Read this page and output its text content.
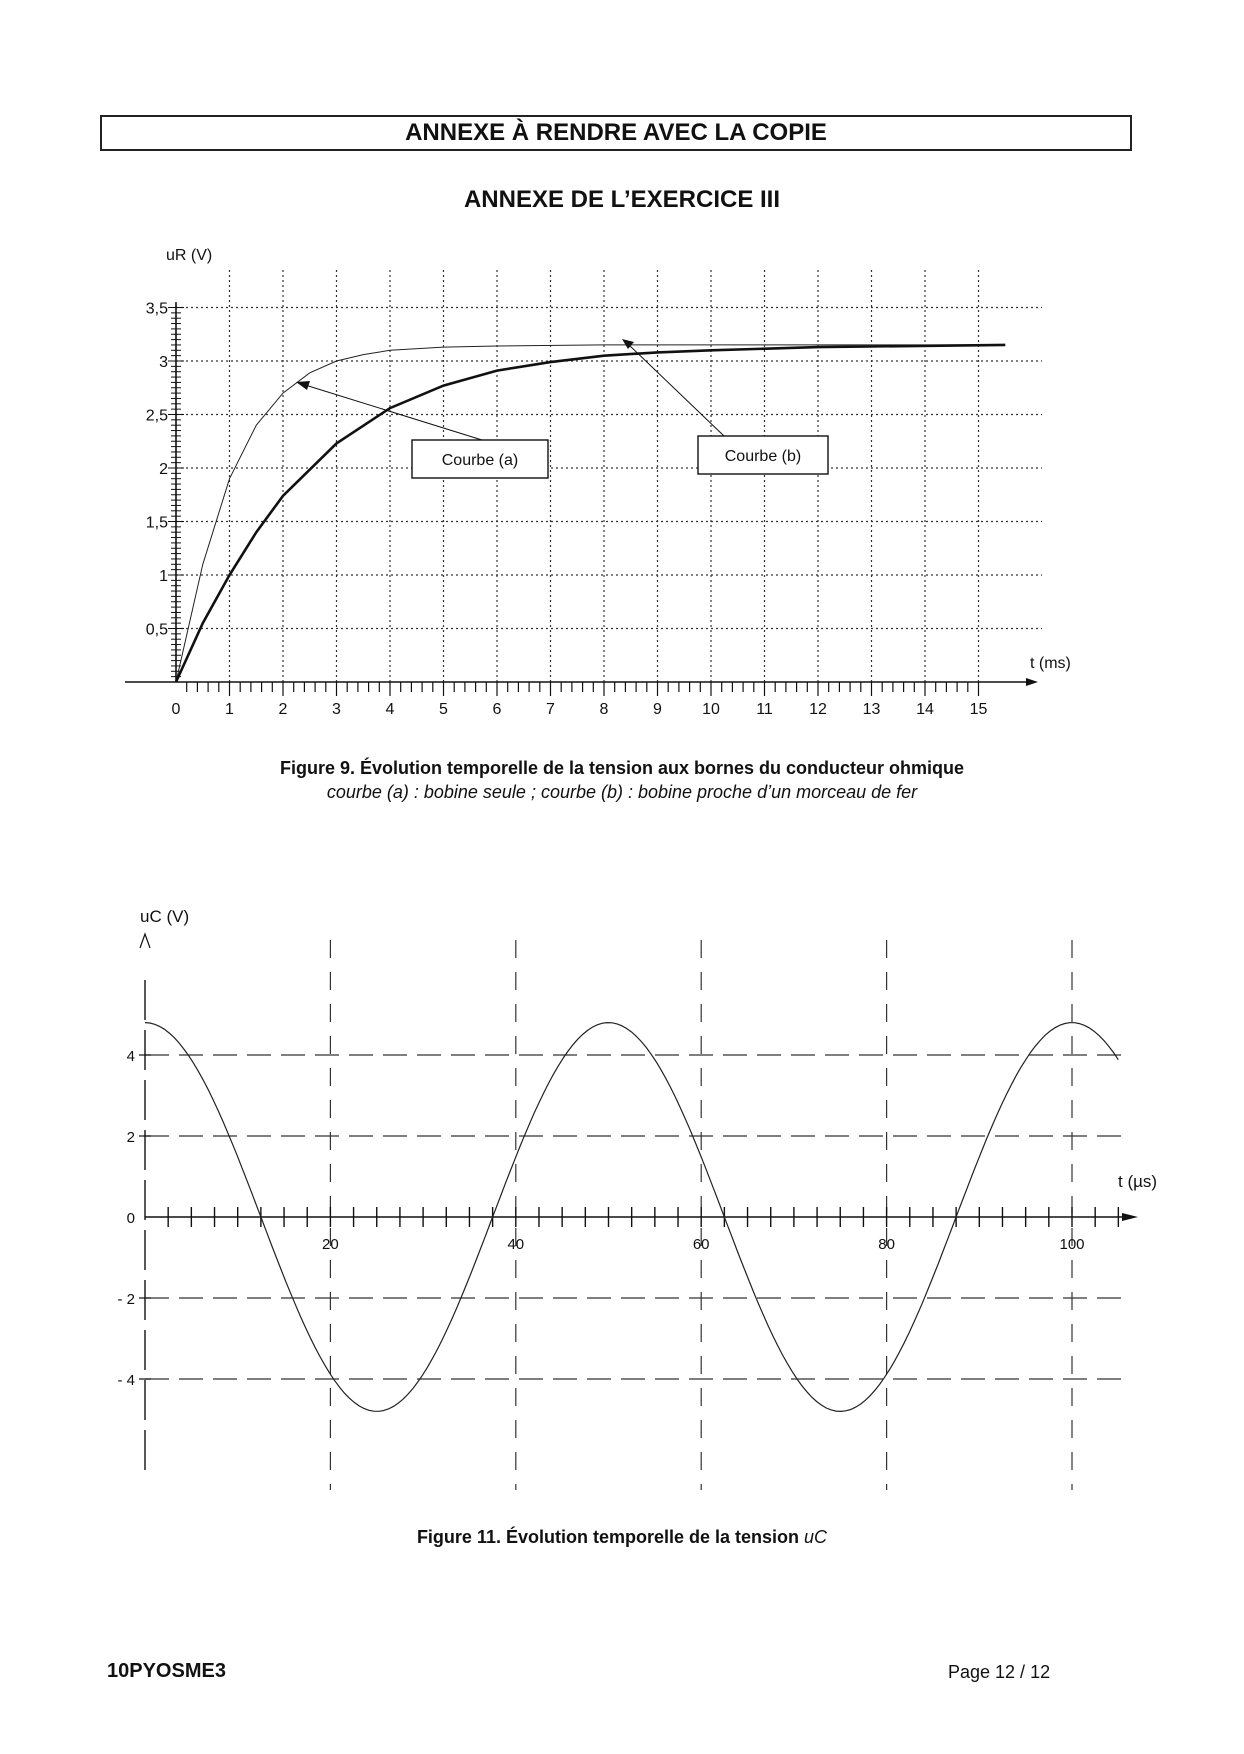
ANNEXE À RENDRE AVEC LA COPIE
ANNEXE DE L’EXERCICE III
0	1	2	3	4	5	6	7	8	9	10 11 12 13 14 15
0,5
1
1,5
2
2,5
3
3,5
t (ms)
uR (V)
Courbe (a)	Courbe (b)
Figure 9. Évolution temporelle de la tension aux bornes du conducteur ohmique
courbe (a) : bobine seule ; courbe (b) : bobine proche d’un morceau de fer
20	40	60	80	100
4
2
0
- 2
- 4
t (µs)
uC (V)
Figure 11. Évolution temporelle de la tension uC
10PYOSME3	Page 12 / 12
